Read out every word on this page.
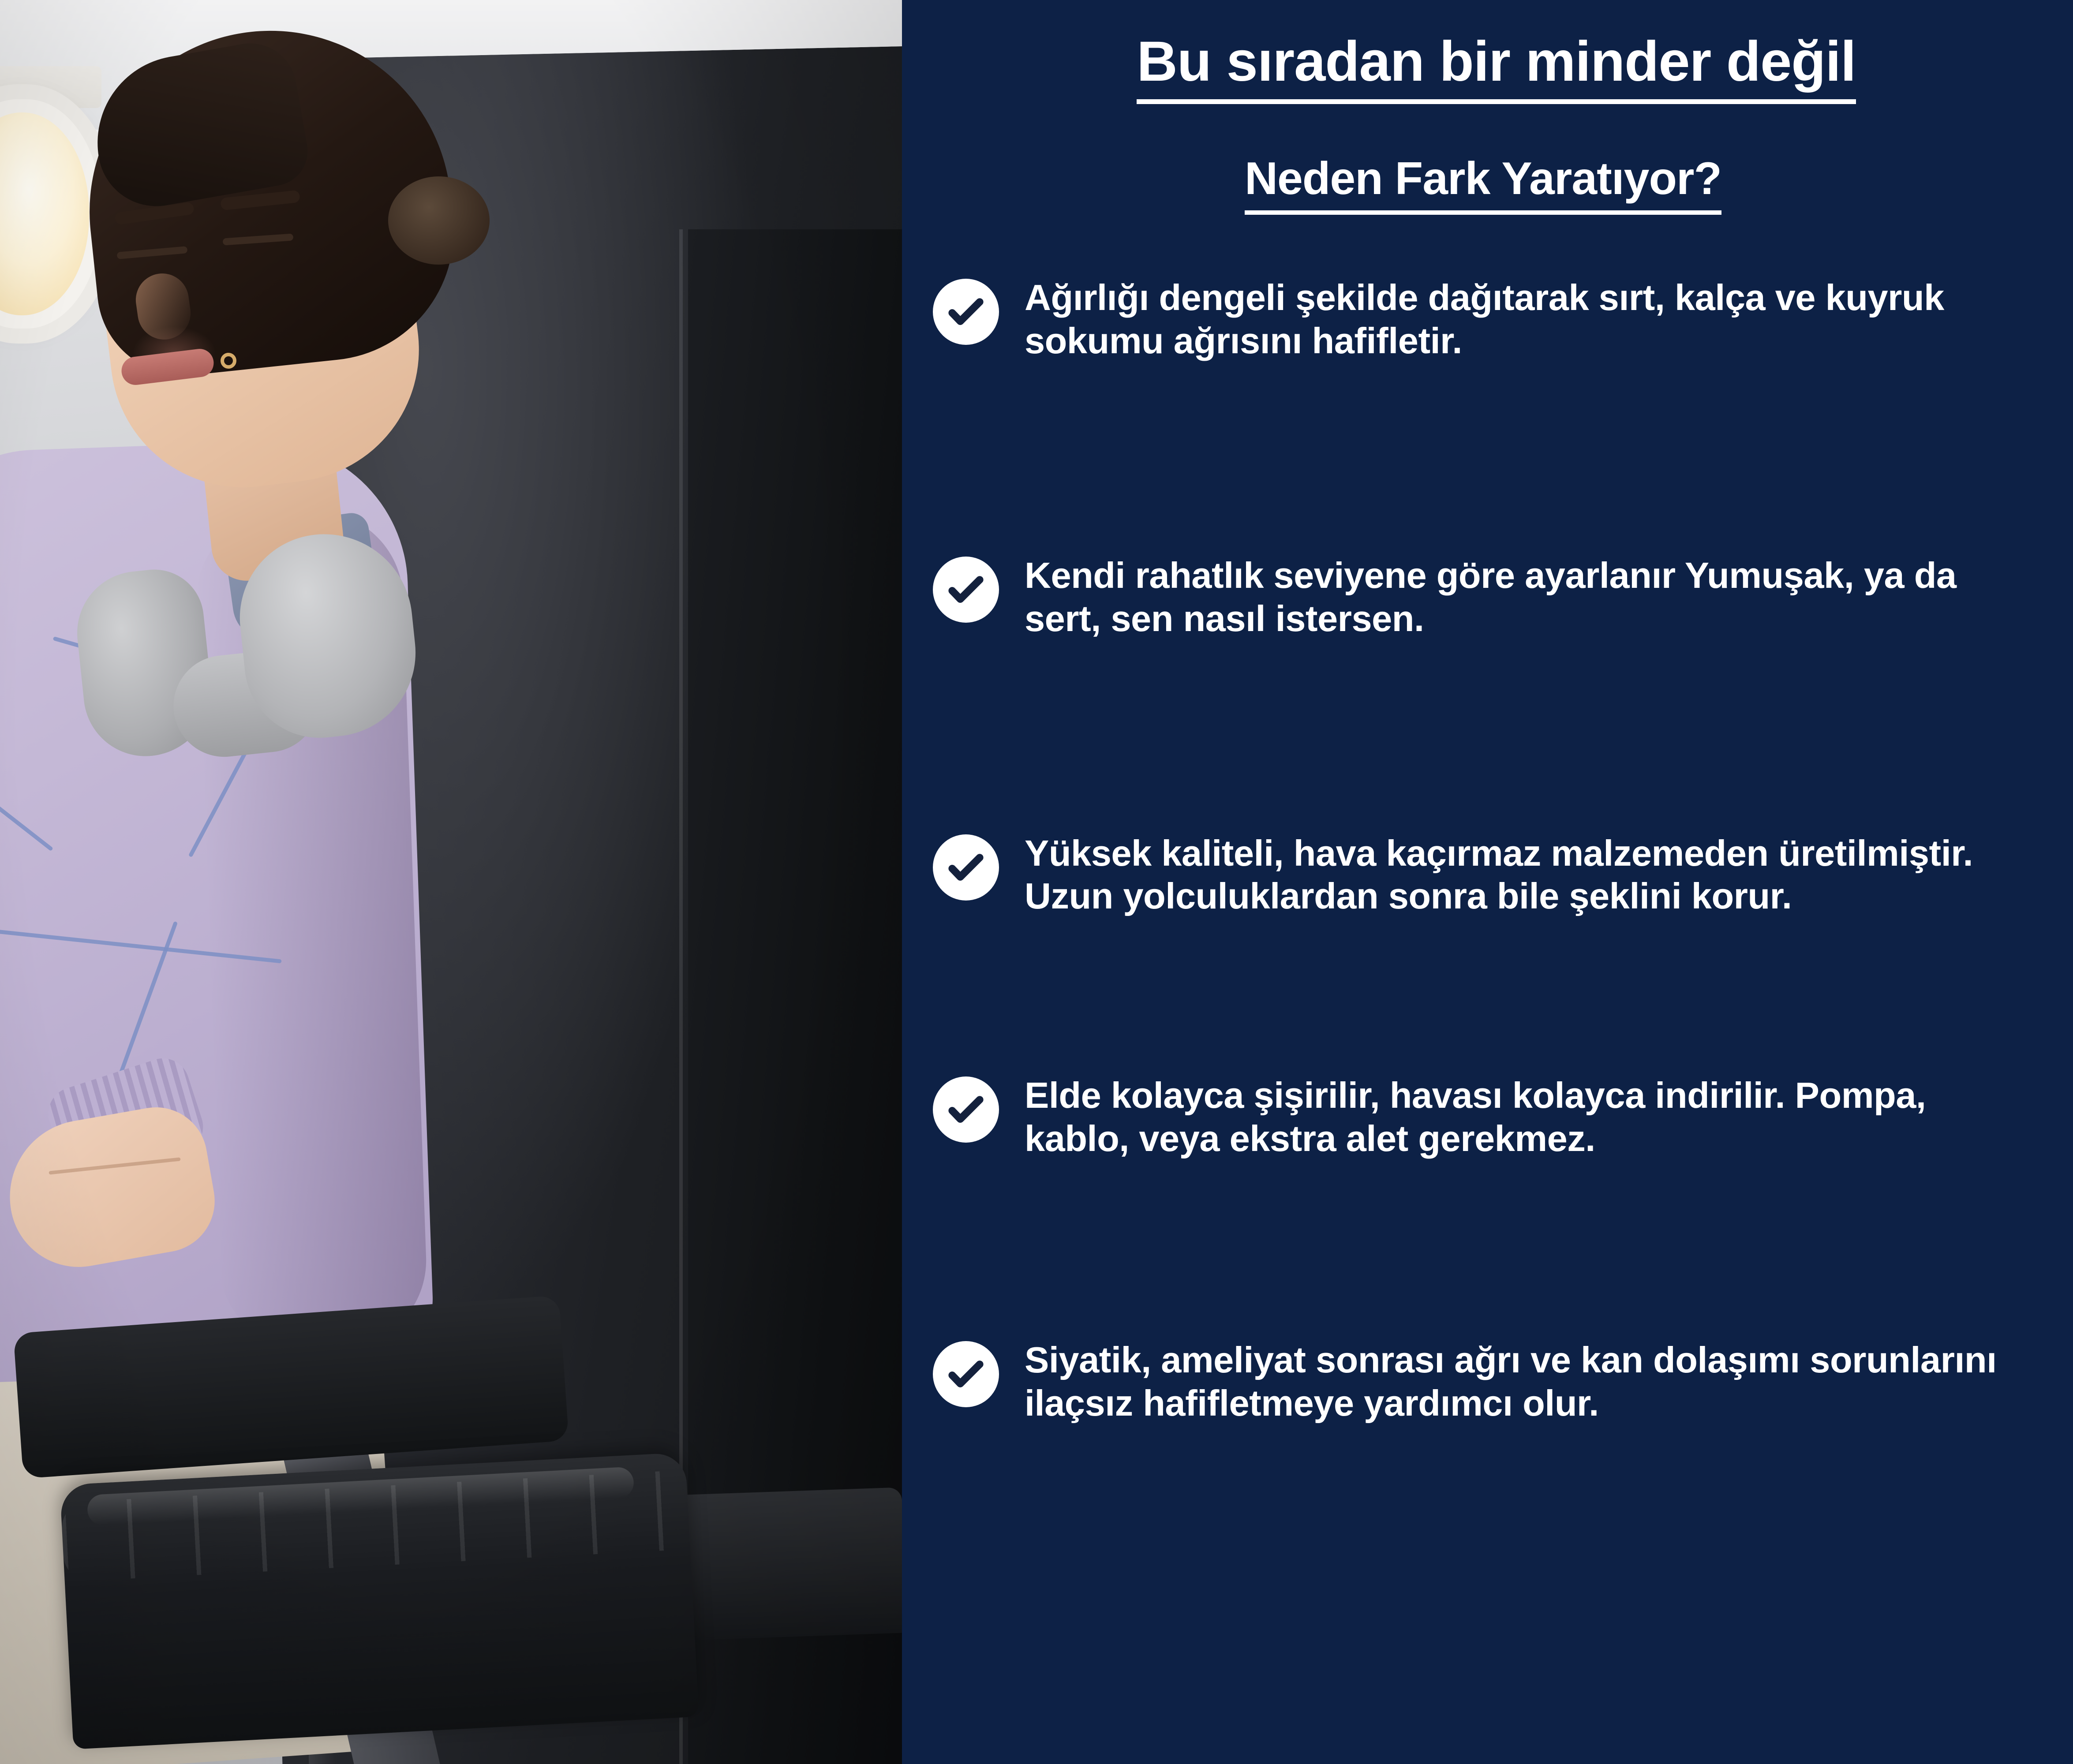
Bu sıradan bir minder değil
Neden Fark Yaratıyor?
Ağırlığı dengeli şekilde dağıtarak sırt, kalça ve kuyruk sokumu ağrısını hafifletir.
Kendi rahatlık seviyene göre ayarlanır Yumuşak, ya da sert, sen nasıl istersen.
Yüksek kaliteli, hava kaçırmaz malzemeden üretilmiştir. Uzun yolculuklardan sonra bile şeklini korur.
Elde kolayca şişirilir, havası kolayca indirilir. Pompa, kablo, veya ekstra alet gerekmez.
Siyatik, ameliyat sonrası ağrı ve kan dolaşımı sorunlarını ilaçsız hafifletmeye yardımcı olur.
